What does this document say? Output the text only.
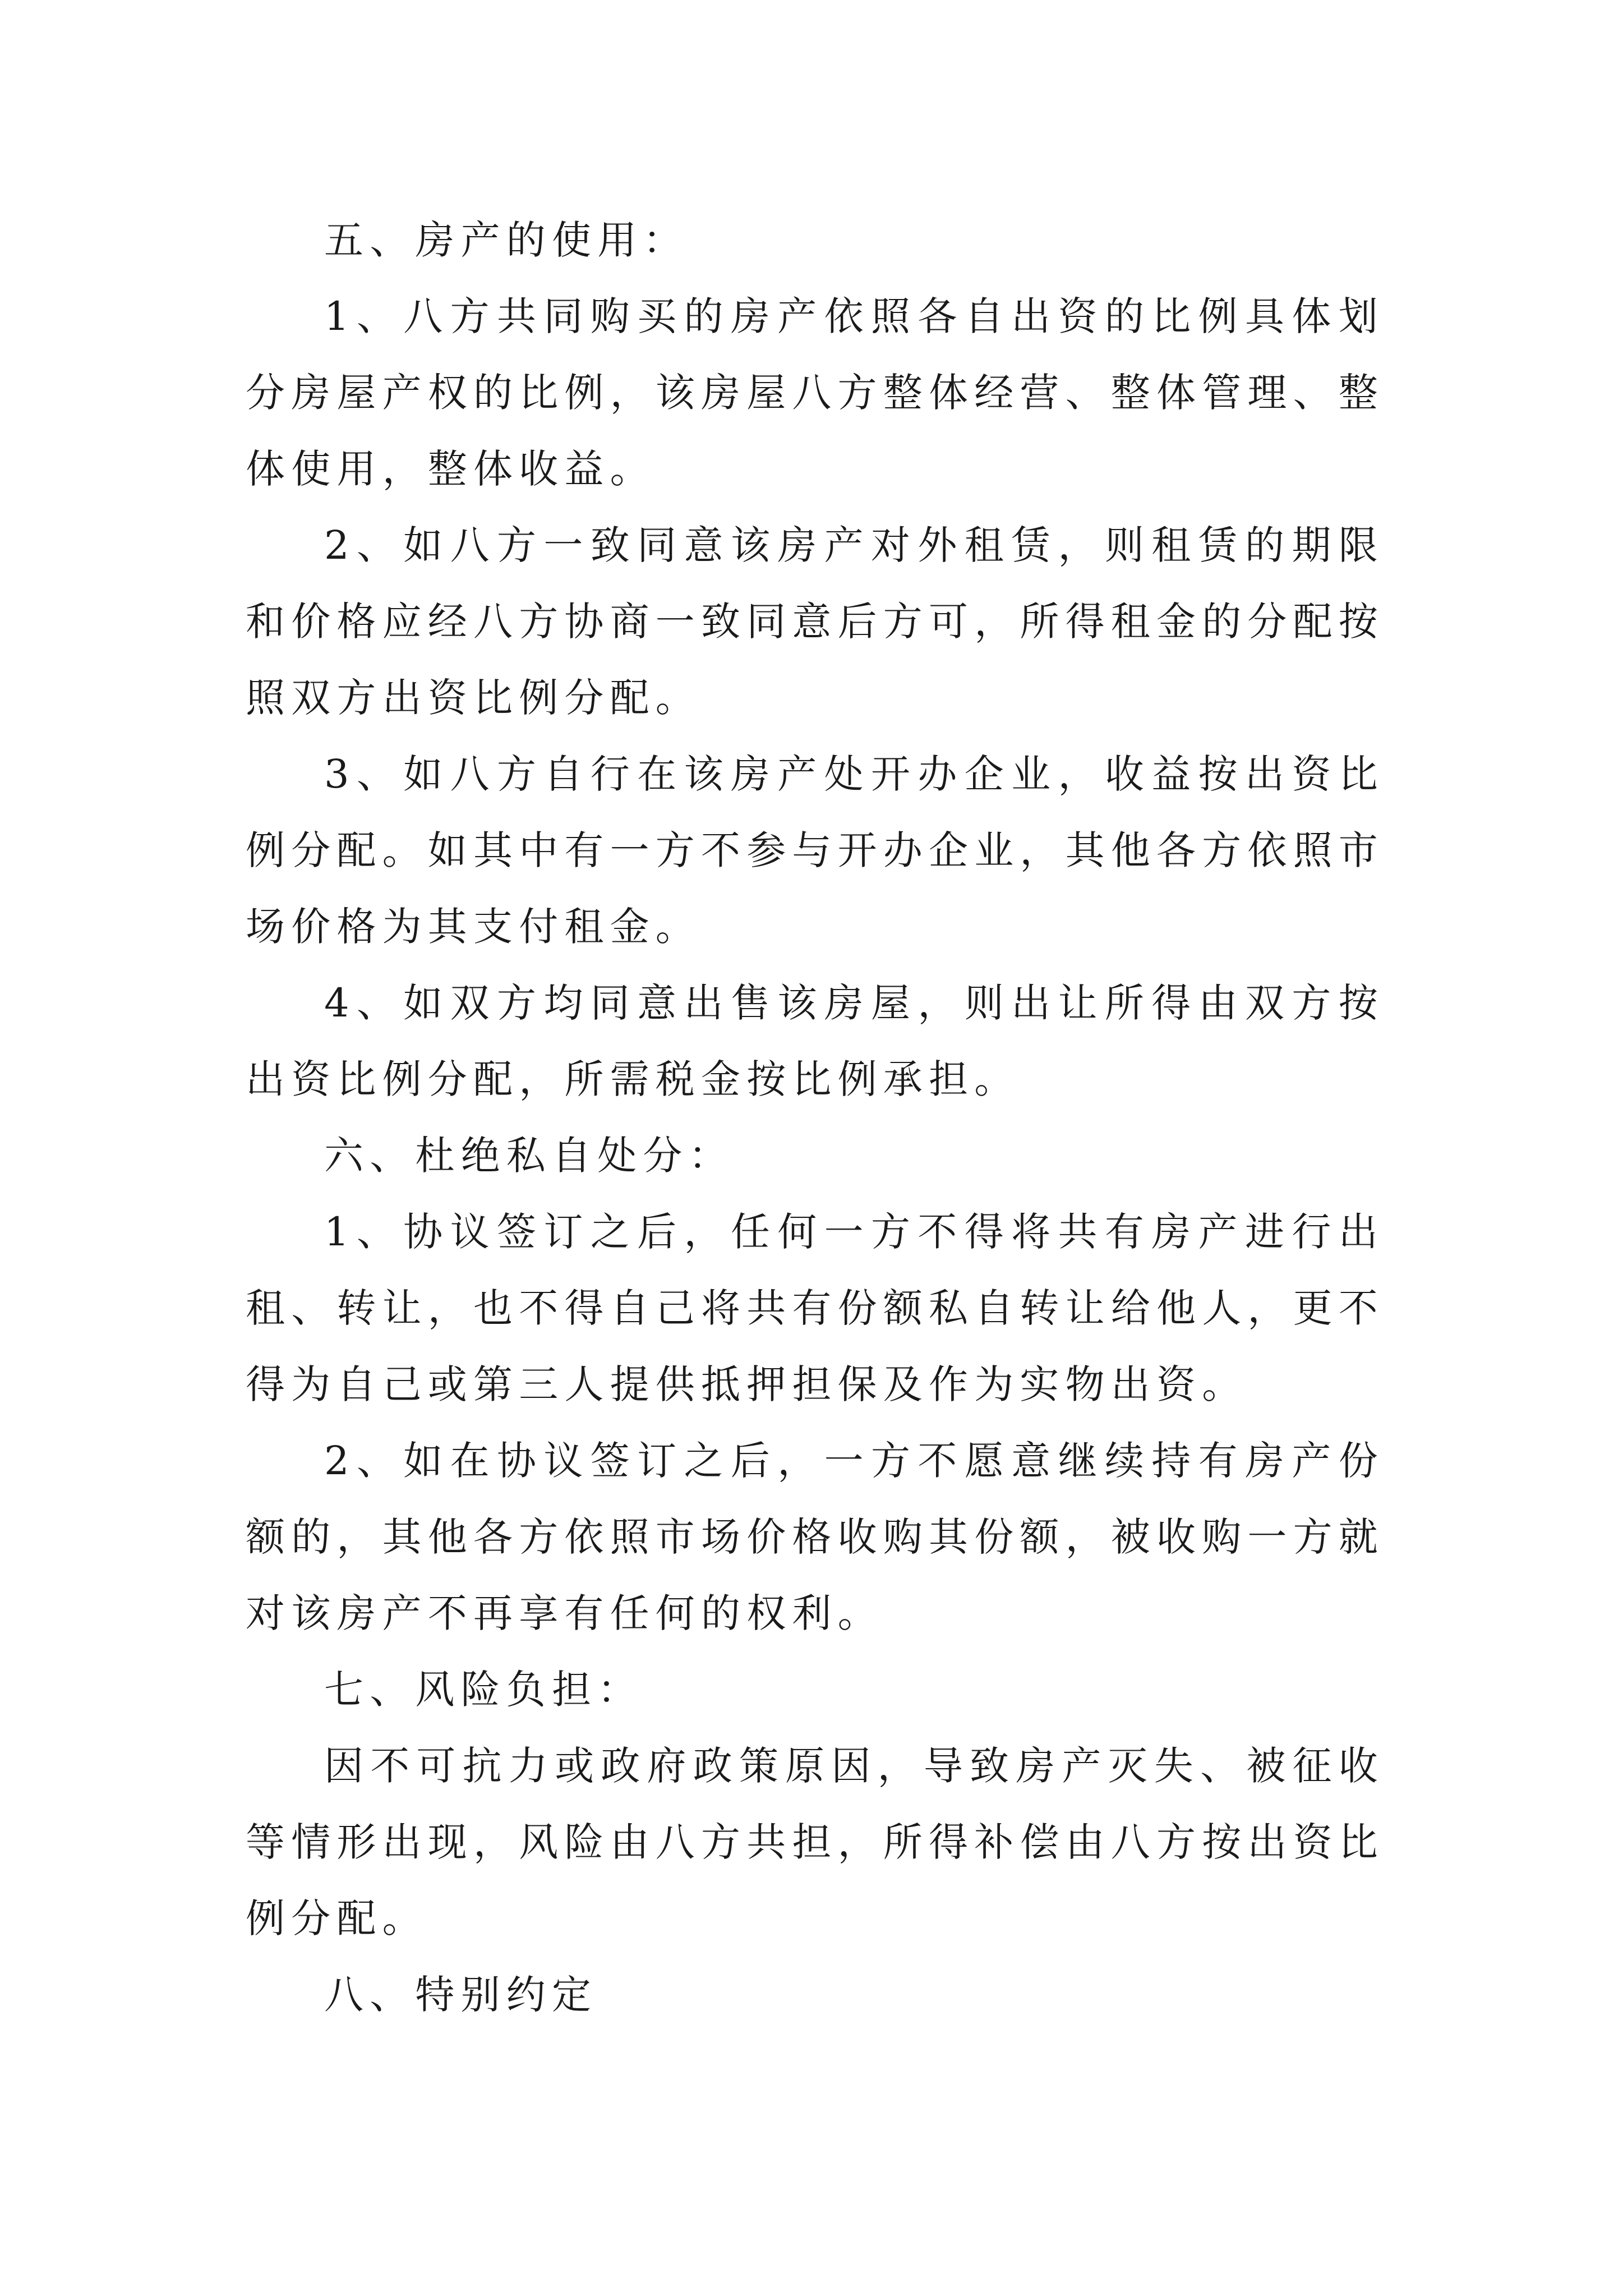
五、房产的使用：

1、八方共同购买的房产依照各自出资的比例具体划分房屋产权的比例，该房屋八方整体经营、整体管理、整体使用，整体收益。

2、如八方一致同意该房产对外租赁，则租赁的期限和价格应经八方协商一致同意后方可，所得租金的分配按照双方出资比例分配。

3、如八方自行在该房产处开办企业，收益按出资比例分配。如其中有一方不参与开办企业，其他各方依照市场价格为其支付租金。

4、如双方均同意出售该房屋，则出让所得由双方按出资比例分配，所需税金按比例承担。

六、杜绝私自处分：

1、协议签订之后，任何一方不得将共有房产进行出租、转让，也不得自己将共有份额私自转让给他人，更不得为自己或第三人提供抵押担保及作为实物出资。

2、如在协议签订之后，一方不愿意继续持有房产份额的，其他各方依照市场价格收购其份额，被收购一方就对该房产不再享有任何的权利。

七、风险负担：

因不可抗力或政府政策原因，导致房产灭失、被征收等情形出现，风险由八方共担，所得补偿由八方按出资比例分配。

八、特别约定
